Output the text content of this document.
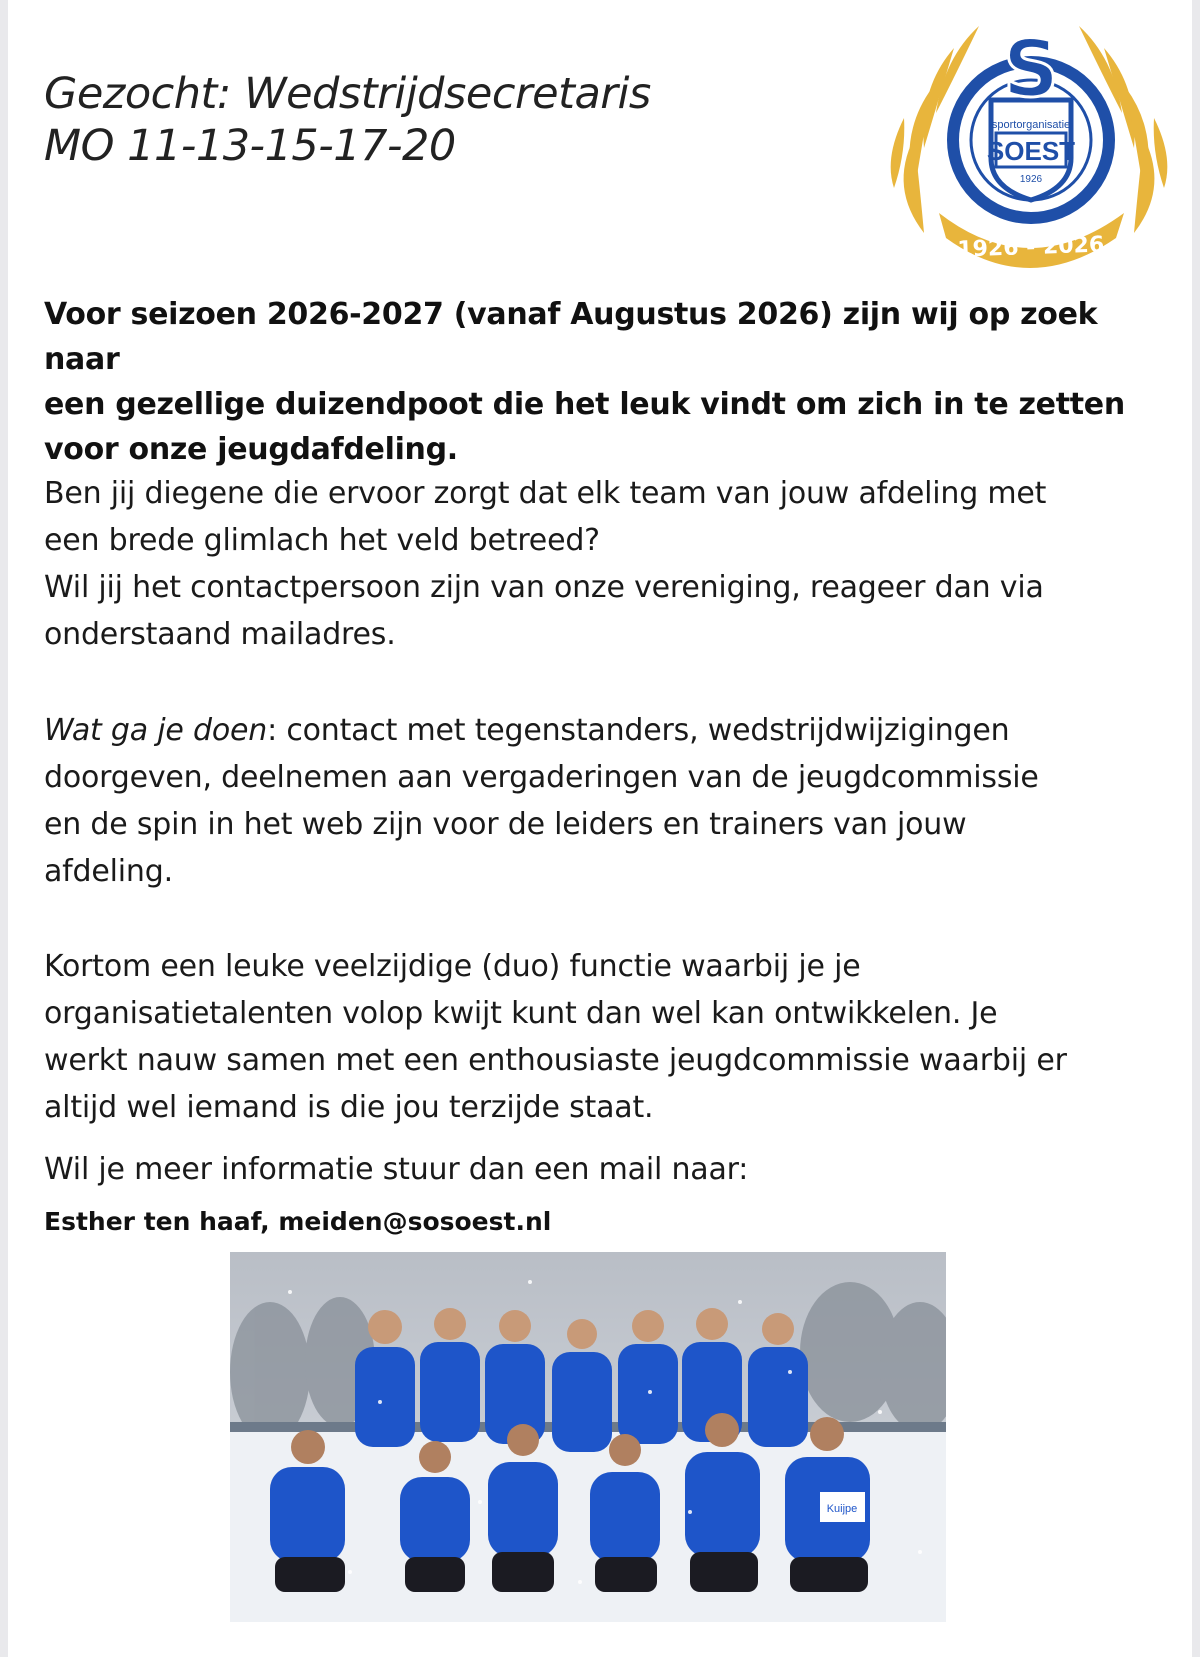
Gezocht: Wedstrijdsecretaris
MO 11-13-15-17-20
1926 - 2026
S
sportorganisatie
SOEST
1926
Voor seizoen 2026-2027 (vanaf Augustus 2026) zijn wij op zoek naar
een gezellige duizendpoot die het leuk vindt om zich in te zetten
voor onze jeugdafdeling.
Ben jij diegene die ervoor zorgt dat elk team van jouw afdeling met
een brede glimlach het veld betreed?
Wil jij het contactpersoon zijn van onze vereniging, reageer dan via
onderstaand mailadres.
Wat ga je doen: contact met tegenstanders, wedstrijdwijzigingen
doorgeven, deelnemen aan vergaderingen van de jeugdcommissie
en de spin in het web zijn voor de leiders en trainers van jouw
afdeling.
Kortom een leuke veelzijdige (duo) functie waarbij je je
organisatietalenten volop kwijt kunt dan wel kan ontwikkelen. Je
werkt nauw samen met een enthousiaste jeugdcommissie waarbij er
altijd wel iemand is die jou terzijde staat.
Wil je meer informatie stuur dan een mail naar:
Esther ten haaf, meiden@sosoest.nl
Kuijpe
